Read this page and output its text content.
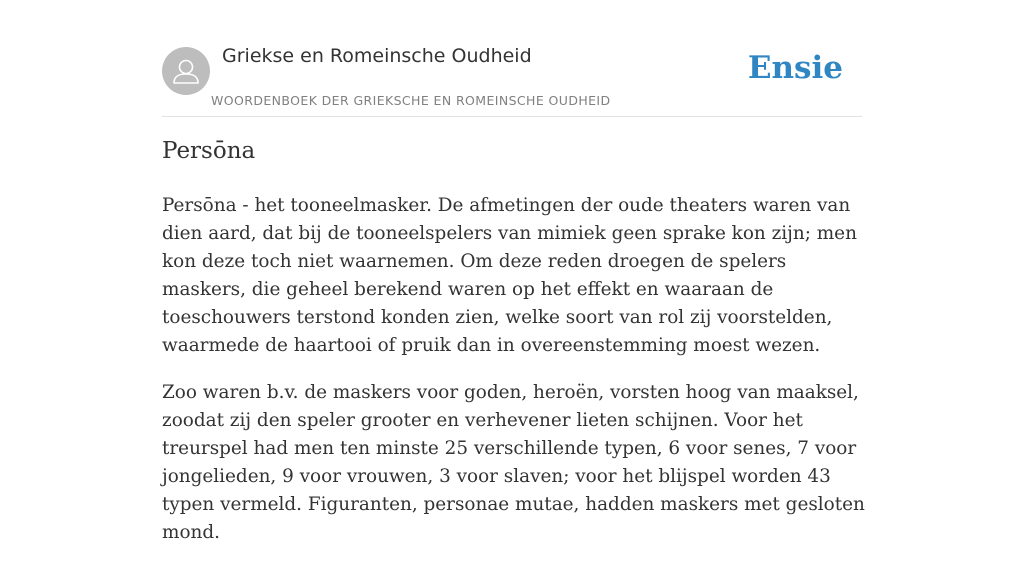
Griekse en Romeinsche Oudheid
WOORDENBOEK DER GRIEKSCHE EN ROMEINSCHE OUDHEID
Ensie
Persōna

Persōna - het tooneelmasker. De afmetingen der oude theaters waren van dien aard, dat bij de tooneelspelers van mimiek geen sprake kon zijn; men kon deze toch niet waarnemen. Om deze reden droegen de spelers maskers, die geheel berekend waren op het effekt en waaraan de toeschouwers terstond konden zien, welke soort van rol zij voorstelden, waarmede de haartooi of pruik dan in overeenstemming moest wezen.

Zoo waren b.v. de maskers voor goden, heroën, vorsten hoog van maaksel, zoodat zij den speler grooter en verhevener lieten schijnen. Voor het treurspel had men ten minste 25 verschillende typen, 6 voor senes, 7 voor jongelieden, 9 voor vrouwen, 3 voor slaven; voor het blijspel worden 43 typen vermeld. Figuranten, personae mutae, hadden maskers met gesloten mond.
